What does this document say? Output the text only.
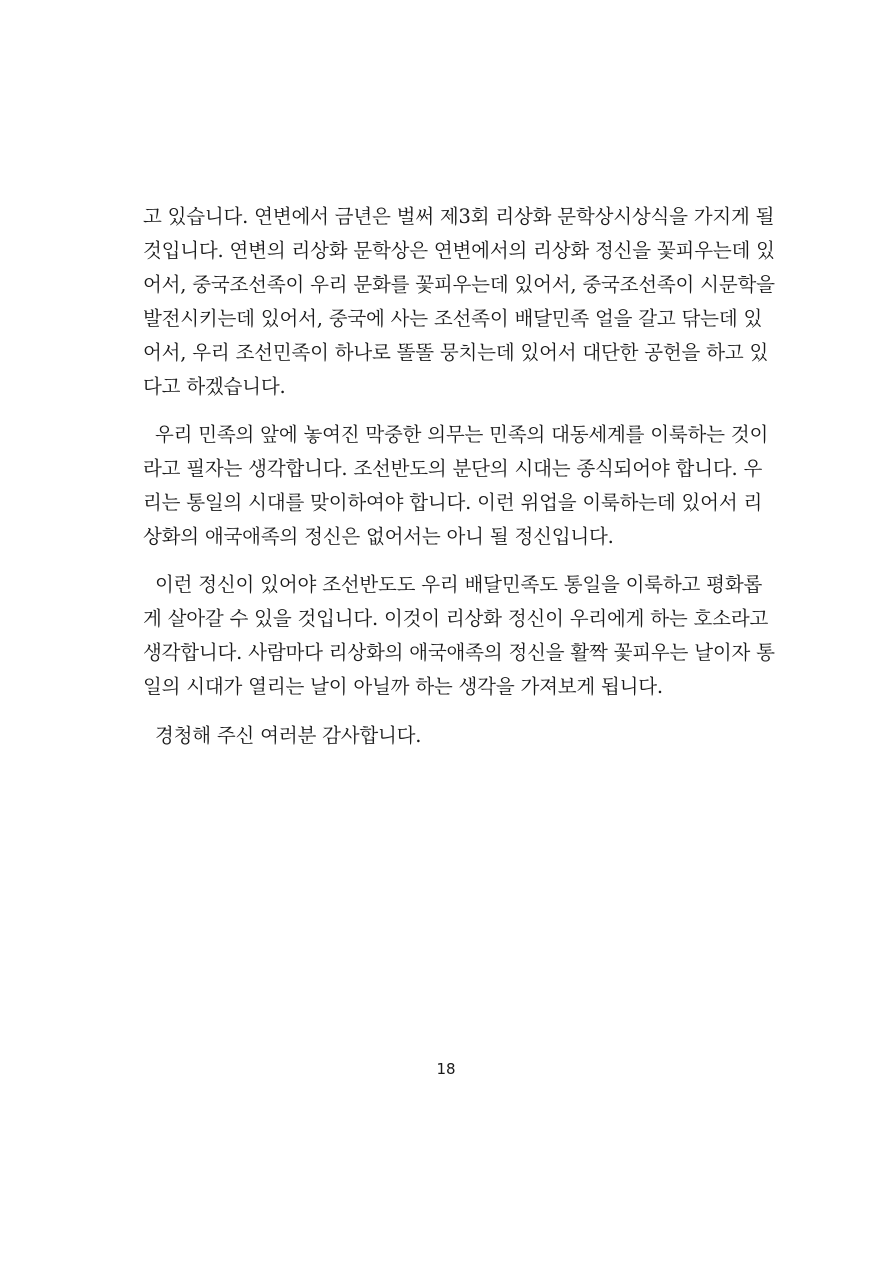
고 있습니다. 연변에서 금년은 벌써 제3회 리상화 문학상시상식을 가지게 될
것입니다. 연변의 리상화 문학상은 연변에서의 리상화 정신을 꽃피우는데 있
어서, 중국조선족이 우리 문화를 꽃피우는데 있어서, 중국조선족이 시문학을
발전시키는데 있어서, 중국에 사는 조선족이 배달민족 얼을 갈고 닦는데 있
어서, 우리 조선민족이 하나로 똘똘 뭉치는데 있어서 대단한 공헌을 하고 있
다고 하겠습니다.
우리 민족의 앞에 놓여진 막중한 의무는 민족의 대동세계를 이룩하는 것이
라고 필자는 생각합니다. 조선반도의 분단의 시대는 종식되어야 합니다. 우
리는 통일의 시대를 맞이하여야 합니다. 이런 위업을 이룩하는데 있어서 리
상화의 애국애족의 정신은 없어서는 아니 될 정신입니다.
이런 정신이 있어야 조선반도도 우리 배달민족도 통일을 이룩하고 평화롭
게 살아갈 수 있을 것입니다. 이것이 리상화 정신이 우리에게 하는 호소라고
생각합니다. 사람마다 리상화의 애국애족의 정신을 활짝 꽃피우는 날이자 통
일의 시대가 열리는 날이 아닐까 하는 생각을 가져보게 됩니다.
경청해 주신 여러분 감사합니다.
18
